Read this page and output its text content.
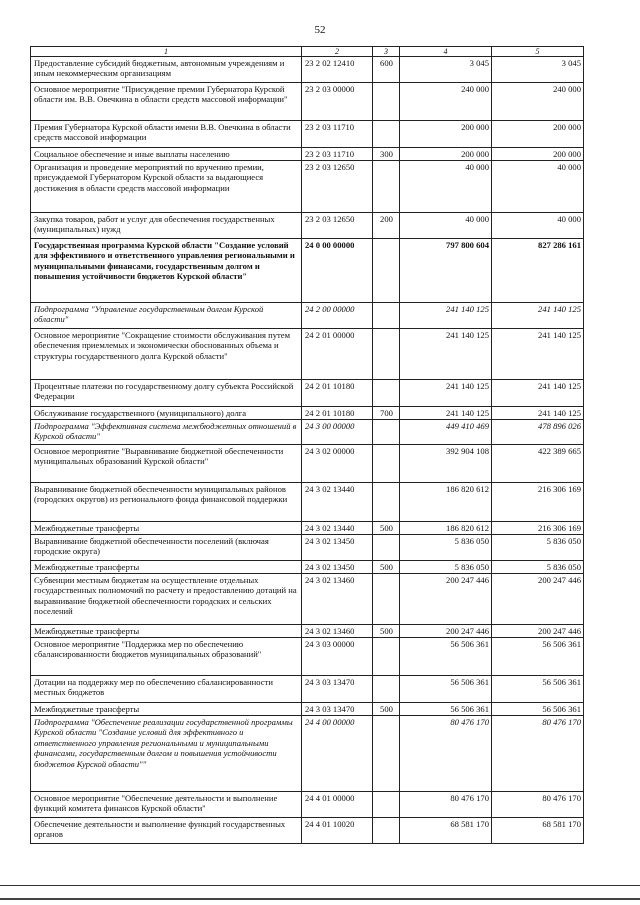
52
1	2	3	4	5
Предоставление субсидий бюджетным, автономным учреждениям и иным некоммерческим организациям	23 2 02 12410	600	3 045	3 045
Основное мероприятие "Присуждение премии Губернатора Курской области им. В.В. Овечкина в области средств массовой информации"	23 2 03 00000		240 000	240 000
Премия Губернатора Курской области имени В.В. Овечкина в области средств массовой информации	23 2 03 11710		200 000	200 000
Социальное обеспечение и иные выплаты населению	23 2 03 11710	300	200 000	200 000
Организация и проведение мероприятий по вручению премии, присуждаемой Губернатором Курской области за выдающиеся достижения в области средств массовой информации	23 2 03 12650		40 000	40 000
Закупка товаров, работ и услуг для обеспечения государственных (муниципальных) нужд	23 2 03 12650	200	40 000	40 000
Государственная программа Курской области "Создание условий для эффективного и ответственного управления региональными и муниципальными финансами, государственным долгом и повышения устойчивости бюджетов Курской области"	24 0 00 00000		797 800 604	827 286 161
Подпрограмма "Управление государственным долгом Курской области"	24 2 00 00000		241 140 125	241 140 125
Основное мероприятие "Сокращение стоимости обслуживания путем обеспечения приемлемых и экономически обоснованных объема и структуры государственного долга Курской области"	24 2 01 00000		241 140 125	241 140 125
Процентные платежи по государственному долгу субъекта Российской Федерации	24 2 01 10180		241 140 125	241 140 125
Обслуживание государственного (муниципального) долга	24 2 01 10180	700	241 140 125	241 140 125
Подпрограмма "Эффективная система межбюджетных отношений в Курской области"	24 3 00 00000		449 410 469	478 896 026
Основное мероприятие "Выравнивание бюджетной обеспеченности муниципальных образований Курской области"	24 3 02 00000		392 904 108	422 389 665
Выравнивание бюджетной обеспеченности муниципальных районов (городских округов) из регионального фонда финансовой поддержки	24 3 02 13440		186 820 612	216 306 169
Межбюджетные трансферты	24 3 02 13440	500	186 820 612	216 306 169
Выравнивание бюджетной обеспеченности поселений (включая городские округа)	24 3 02 13450		5 836 050	5 836 050
Межбюджетные трансферты	24 3 02 13450	500	5 836 050	5 836 050
Субвенции местным бюджетам на осуществление отдельных государственных полномочий по расчету и предоставлению дотаций на выравнивание бюджетной обеспеченности городских и сельских поселений	24 3 02 13460		200 247 446	200 247 446
Межбюджетные трансферты	24 3 02 13460	500	200 247 446	200 247 446
Основное мероприятие "Поддержка мер по обеспечению сбалансированности бюджетов муниципальных образований"	24 3 03 00000		56 506 361	56 506 361
Дотации на поддержку мер по обеспечению сбалансированности местных бюджетов	24 3 03 13470		56 506 361	56 506 361
Межбюджетные трансферты	24 3 03 13470	500	56 506 361	56 506 361
Подпрограмма "Обеспечение реализации государственной программы Курской области "Создание условий для эффективного и ответственного управления региональными и муниципальными финансами, государственным долгом и повышения устойчивости бюджетов Курской области""	24 4 00 00000		80 476 170	80 476 170
Основное мероприятие "Обеспечение деятельности и выполнение функций комитета финансов Курской области"	24 4 01 00000		80 476 170	80 476 170
Обеспечение деятельности и выполнение функций государственных органов	24 4 01 10020		68 581 170	68 581 170
